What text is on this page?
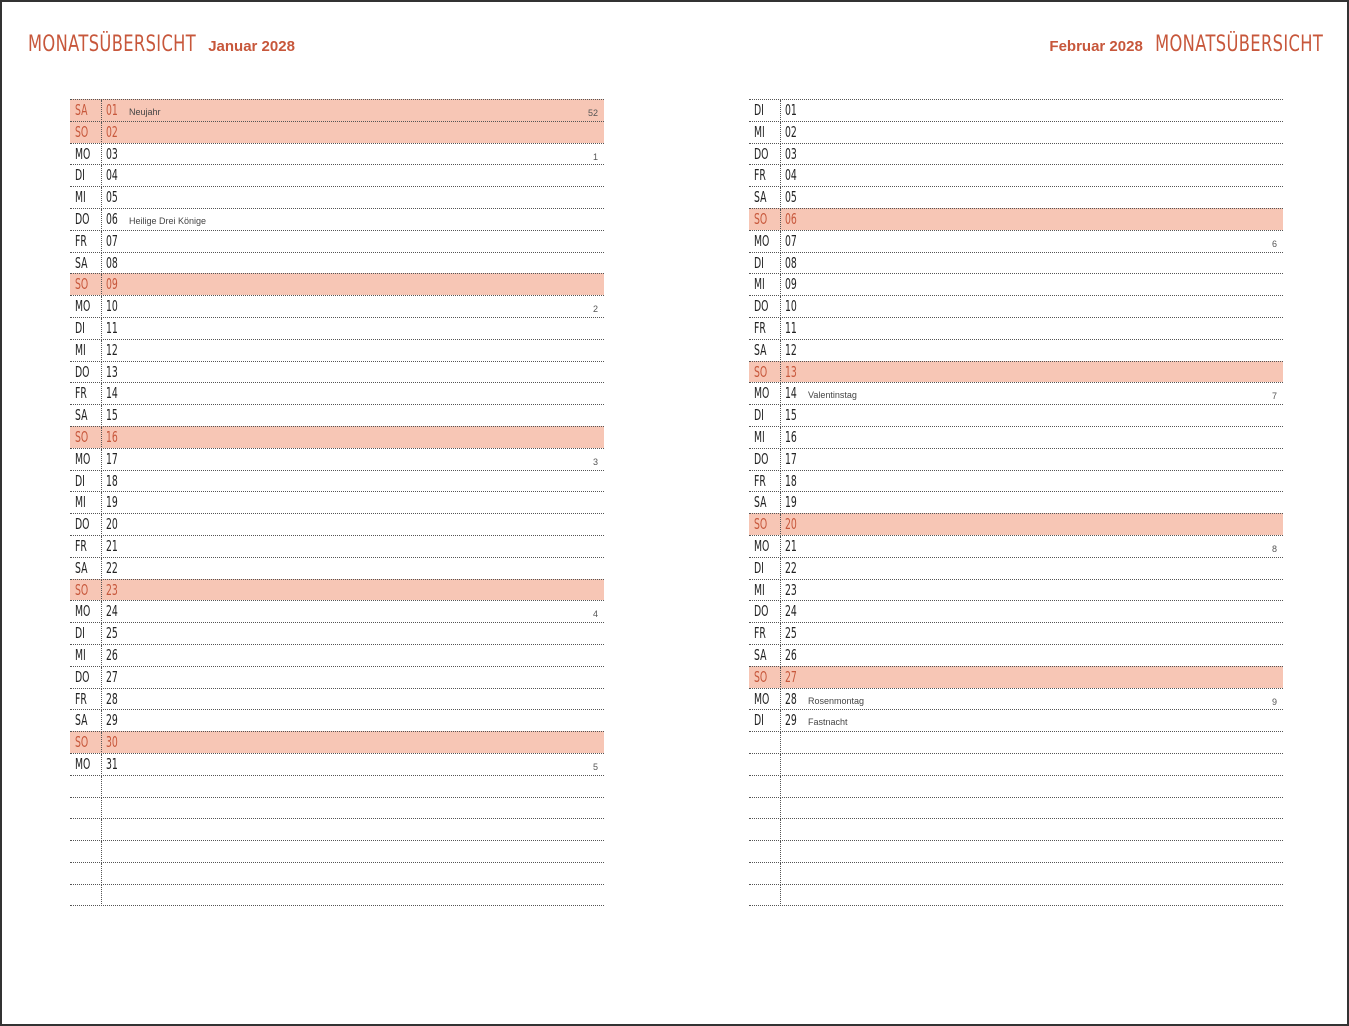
MONATSÜBERSICHT Januar 2028	Februar 2028 MONATSÜBERSICHT
SA 01 Neujahr	52
SO 02
MO 03	1
DI 04
MI 05
DO 06 Heilige Drei Könige
FR 07
SA 08
SO 09
MO 10	2
DI 11
MI 12
DO 13
FR 14
SA 15
SO 16
MO 17	3
DI 18
MI 19
DO 20
FR 21
SA 22
SO 23
MO 24	4
DI 25
MI 26
DO 27
FR 28
SA 29
SO 30
MO 31	5
DI 01
MI 02
DO 03
FR 04
SA 05
SO 06
MO 07	6
DI 08
MI 09
DO 10
FR 11
SA 12
SO 13
MO 14 Valentinstag	7
DI 15
MI 16
DO 17
FR 18
SA 19
SO 20
MO 21	8
DI 22
MI 23
DO 24
FR 25
SA 26
SO 27
MO 28 Rosenmontag	9
DI 29 Fastnacht
